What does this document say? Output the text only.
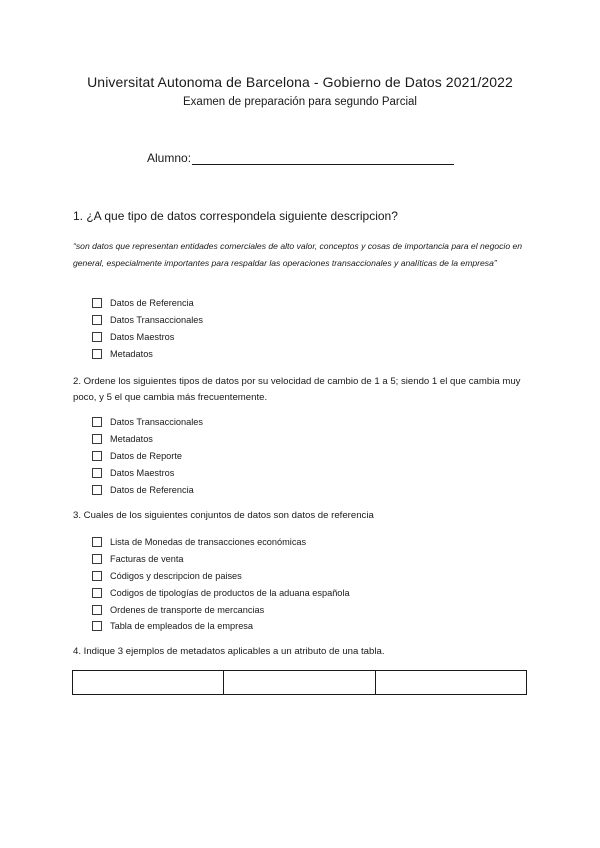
Universitat Autonoma de Barcelona - Gobierno de Datos 2021/2022
Examen de preparación para segundo Parcial
Alumno:
1. ¿A que tipo de datos correspondela siguiente descripcion?
“son datos que representan entidades comerciales de alto valor, conceptos y cosas de importancia para el negocio en general, especialmente importantes para respaldar las operaciones transaccionales y analíticas de la empresa”
Datos de Referencia
Datos Transaccionales
Datos Maestros
Metadatos
2. Ordene los siguientes tipos de datos por su velocidad de cambio de 1 a 5; siendo 1 el que cambia muy poco, y 5 el que cambia más frecuentemente.
Datos Transaccionales
Metadatos
Datos de Reporte
Datos Maestros
Datos de Referencia
3. Cuales de los siguientes conjuntos de datos son datos de referencia
Lista de Monedas de transacciones económicas
Facturas de venta
Códigos y descripcion de paises
Codigos de tipologías de productos de la aduana española
Ordenes de transporte de mercancias
Tabla de empleados de la empresa
4. Indique 3 ejemplos de metadatos aplicables a un atributo de una tabla.
